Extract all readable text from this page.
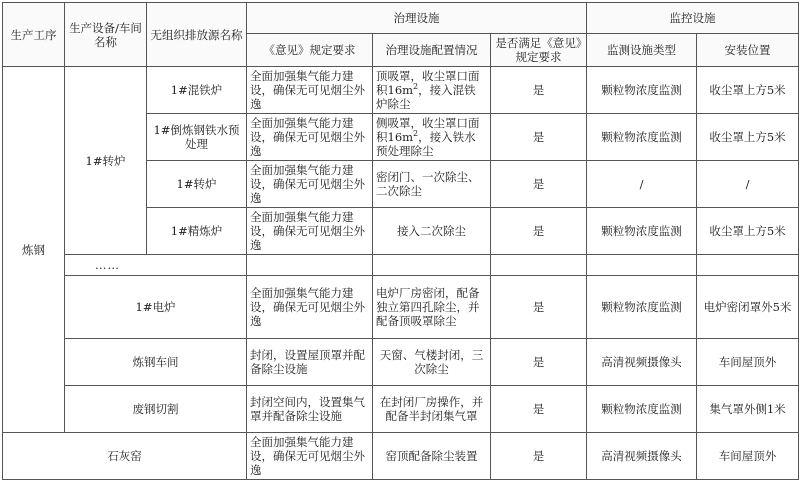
生产工序	生产设备/车间名称	无组织排放源名称	治理设施			监控设施	
			《意见》规定要求	治理设施配置情况	是否满足《意见》规定要求	监测设施类型	安装位置
炼钢	1#转炉	1#混铁炉	全面加强集气能力建设，确保无可见烟尘外逸	顶吸罩，收尘罩口面积$16m^2$，接入混铁炉除尘	是	颗粒物浓度监测	收尘罩上方5米
		1#倒炼钢铁水预处理	全面加强集气能力建设，确保无可见烟尘外逸	侧吸罩，收尘罩口面积$16m^2$，接入铁水预处理除尘	是	颗粒物浓度监测	收尘罩上方5米
		1#转炉	全面加强集气能力建设，确保无可见烟尘外逸	密闭门、一次除尘、二次除尘	是	/	/
		1#精炼炉	全面加强集气能力建设，确保无可见烟尘外逸	接入二次除尘	是	颗粒物浓度监测	收尘罩上方5米
	……						
	1#电炉		全面加强集气能力建设，确保无可见烟尘外逸	电炉厂房密闭，配备独立第四孔除尘，并配备顶吸罩除尘	是	颗粒物浓度监测	电炉密闭罩外5米
	炼钢车间		封闭，设置屋顶罩并配备除尘设施	天窗、气楼封闭，三次除尘	是	高清视频摄像头	车间屋顶外
	废钢切割		封闭空间内，设置集气罩并配备除尘设施	在封闭厂房操作，并配备半封闭集气罩	是	颗粒物浓度监测	集气罩外侧1米
石灰窑			全面加强集气能力建设，确保无可见烟尘外逸	窑顶配备除尘装置	是	高清视频摄像头	车间屋顶外
